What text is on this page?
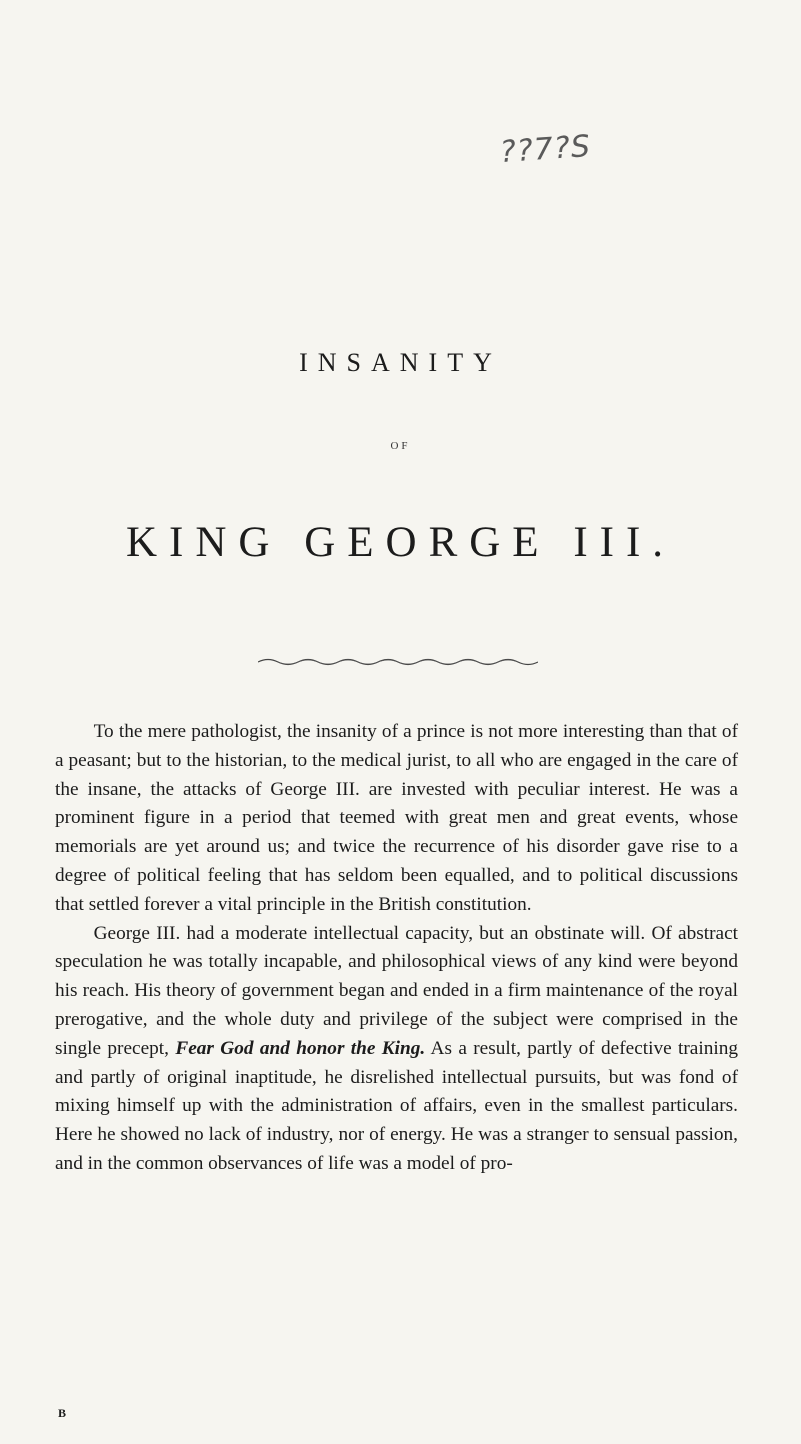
??7?S
INSANITY
OF
KING GEORGE III.

To the mere pathologist, the insanity of a prince is not more interesting than that of a peasant; but to the historian, to the medical jurist, to all who are engaged in the care of the insane, the attacks of George III. are invested with peculiar interest. He was a prominent figure in a period that teemed with great men and great events, whose memorials are yet around us; and twice the recurrence of his disorder gave rise to a degree of political feeling that has seldom been equalled, and to political discussions that settled forever a vital principle in the British constitution.

George III. had a moderate intellectual capacity, but an obstinate will. Of abstract speculation he was totally incapable, and philosophical views of any kind were beyond his reach. His theory of government began and ended in a firm maintenance of the royal prerogative, and the whole duty and privilege of the subject were comprised in the single precept, Fear God and honor the King. As a result, partly of defective training and partly of original inaptitude, he disrelished intellectual pursuits, but was fond of mixing himself up with the administration of affairs, even in the smallest particulars. Here he showed no lack of industry, nor of energy. He was a stranger to sensual passion, and in the common observances of life was a model of pro-

B
